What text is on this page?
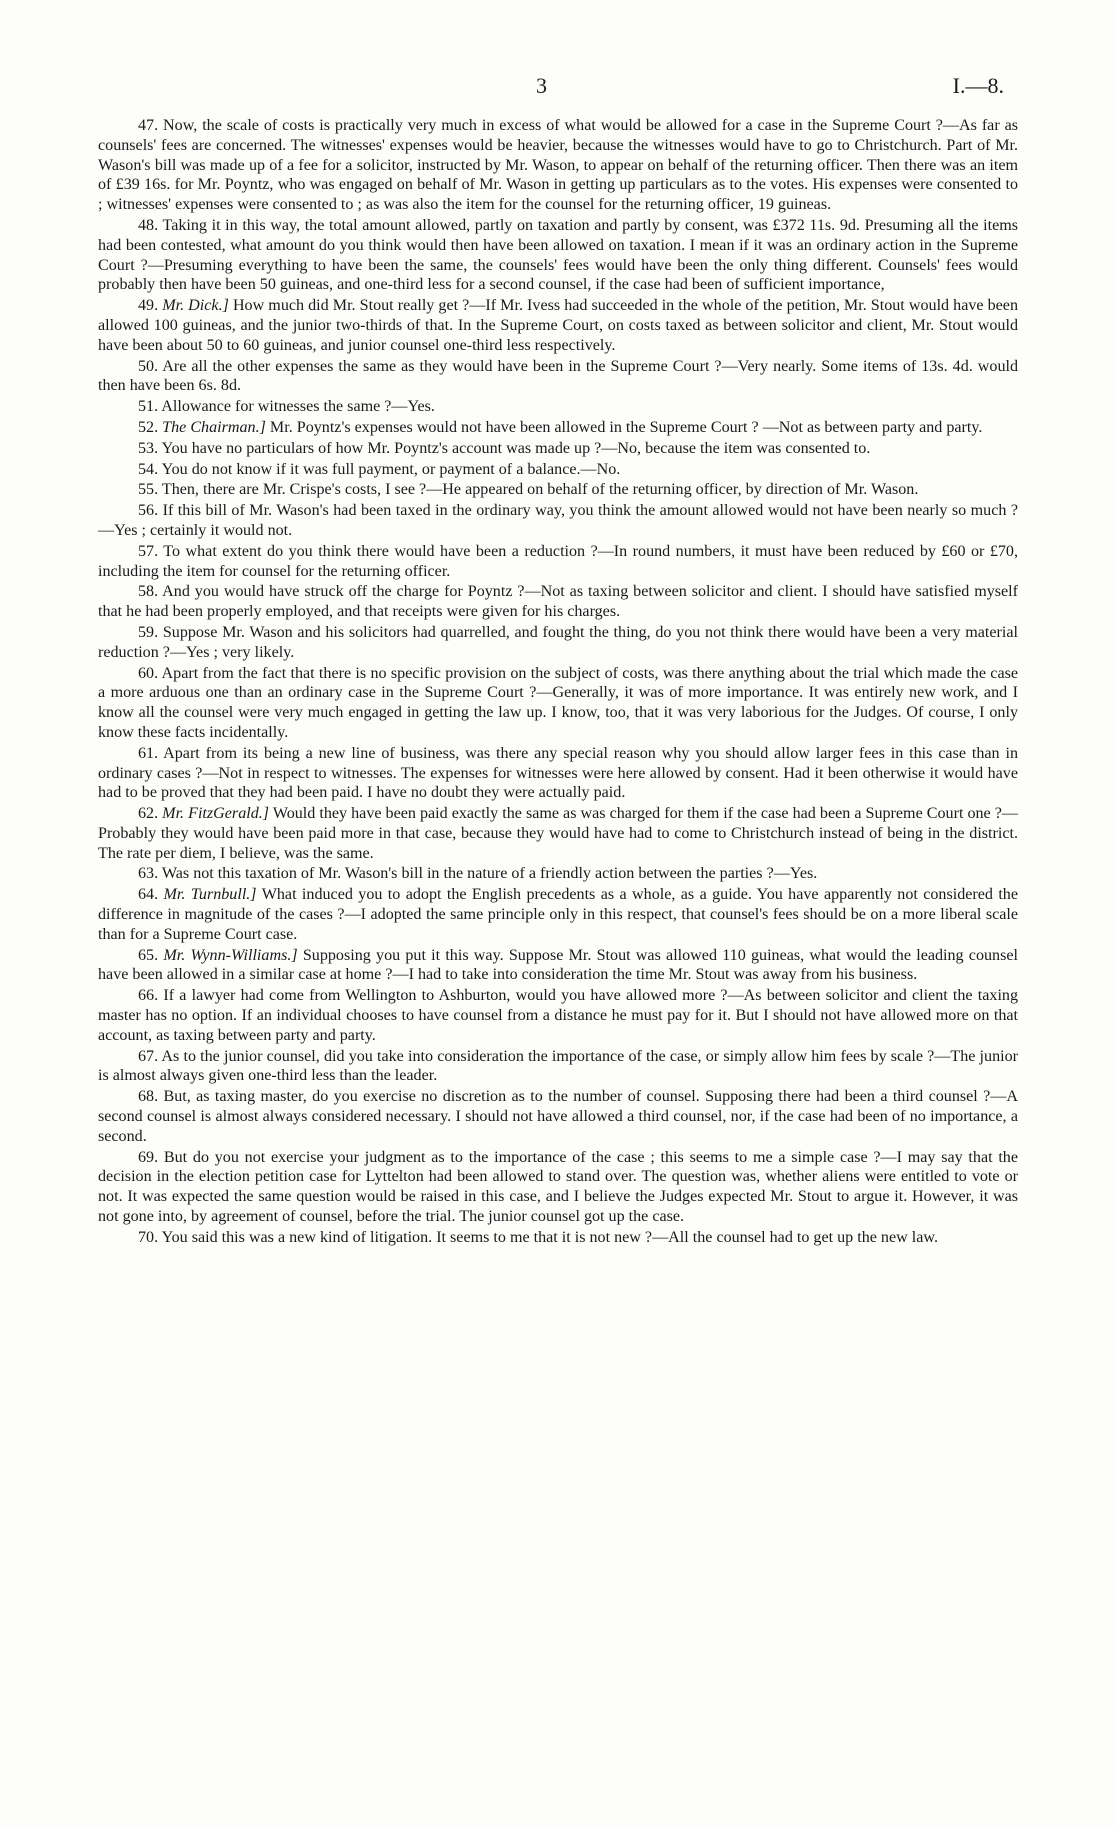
3	I.—8.

47. Now, the scale of costs is practically very much in excess of what would be allowed for a case in the Supreme Court ?—As far as counsels' fees are concerned. The witnesses' expenses would be heavier, because the witnesses would have to go to Christchurch. Part of Mr. Wason's bill was made up of a fee for a solicitor, instructed by Mr. Wason, to appear on behalf of the returning officer. Then there was an item of £39 16s. for Mr. Poyntz, who was engaged on behalf of Mr. Wason in getting up particulars as to the votes. His expenses were consented to ; witnesses' expenses were consented to ; as was also the item for the counsel for the returning officer, 19 guineas.

48. Taking it in this way, the total amount allowed, partly on taxation and partly by consent, was £372 11s. 9d. Presuming all the items had been contested, what amount do you think would then have been allowed on taxation. I mean if it was an ordinary action in the Supreme Court ?—Presuming everything to have been the same, the counsels' fees would have been the only thing different. Counsels' fees would probably then have been 50 guineas, and one-third less for a second counsel, if the case had been of sufficient importance,

49. Mr. Dick.] How much did Mr. Stout really get ?—If Mr. Ivess had succeeded in the whole of the petition, Mr. Stout would have been allowed 100 guineas, and the junior two-thirds of that. In the Supreme Court, on costs taxed as between solicitor and client, Mr. Stout would have been about 50 to 60 guineas, and junior counsel one-third less respectively.

50. Are all the other expenses the same as they would have been in the Supreme Court ?—Very nearly. Some items of 13s. 4d. would then have been 6s. 8d.

51. Allowance for witnesses the same ?—Yes.

52. The Chairman.] Mr. Poyntz's expenses would not have been allowed in the Supreme Court ? —Not as between party and party.

53. You have no particulars of how Mr. Poyntz's account was made up ?—No, because the item was consented to.

54. You do not know if it was full payment, or payment of a balance.—No.

55. Then, there are Mr. Crispe's costs, I see ?—He appeared on behalf of the returning officer, by direction of Mr. Wason.

56. If this bill of Mr. Wason's had been taxed in the ordinary way, you think the amount allowed would not have been nearly so much ?—Yes ; certainly it would not.

57. To what extent do you think there would have been a reduction ?—In round numbers, it must have been reduced by £60 or £70, including the item for counsel for the returning officer.

58. And you would have struck off the charge for Poyntz ?—Not as taxing between solicitor and client. I should have satisfied myself that he had been properly employed, and that receipts were given for his charges.

59. Suppose Mr. Wason and his solicitors had quarrelled, and fought the thing, do you not think there would have been a very material reduction ?—Yes ; very likely.

60. Apart from the fact that there is no specific provision on the subject of costs, was there anything about the trial which made the case a more arduous one than an ordinary case in the Supreme Court ?—Generally, it was of more importance. It was entirely new work, and I know all the counsel were very much engaged in getting the law up. I know, too, that it was very laborious for the Judges. Of course, I only know these facts incidentally.

61. Apart from its being a new line of business, was there any special reason why you should allow larger fees in this case than in ordinary cases ?—Not in respect to witnesses. The expenses for witnesses were here allowed by consent. Had it been otherwise it would have had to be proved that they had been paid. I have no doubt they were actually paid.

62. Mr. FitzGerald.] Would they have been paid exactly the same as was charged for them if the case had been a Supreme Court one ?—Probably they would have been paid more in that case, because they would have had to come to Christchurch instead of being in the district. The rate per diem, I believe, was the same.

63. Was not this taxation of Mr. Wason's bill in the nature of a friendly action between the parties ?—Yes.

64. Mr. Turnbull.] What induced you to adopt the English precedents as a whole, as a guide. You have apparently not considered the difference in magnitude of the cases ?—I adopted the same principle only in this respect, that counsel's fees should be on a more liberal scale than for a Supreme Court case.

65. Mr. Wynn-Williams.] Supposing you put it this way. Suppose Mr. Stout was allowed 110 guineas, what would the leading counsel have been allowed in a similar case at home ?—I had to take into consideration the time Mr. Stout was away from his business.

66. If a lawyer had come from Wellington to Ashburton, would you have allowed more ?—As between solicitor and client the taxing master has no option. If an individual chooses to have counsel from a distance he must pay for it. But I should not have allowed more on that account, as taxing between party and party.

67. As to the junior counsel, did you take into consideration the importance of the case, or simply allow him fees by scale ?—The junior is almost always given one-third less than the leader.

68. But, as taxing master, do you exercise no discretion as to the number of counsel. Supposing there had been a third counsel ?—A second counsel is almost always considered necessary. I should not have allowed a third counsel, nor, if the case had been of no importance, a second.

69. But do you not exercise your judgment as to the importance of the case ; this seems to me a simple case ?—I may say that the decision in the election petition case for Lyttelton had been allowed to stand over. The question was, whether aliens were entitled to vote or not. It was expected the same question would be raised in this case, and I believe the Judges expected Mr. Stout to argue it. However, it was not gone into, by agreement of counsel, before the trial. The junior counsel got up the case.

70. You said this was a new kind of litigation. It seems to me that it is not new ?—All the counsel had to get up the new law.
